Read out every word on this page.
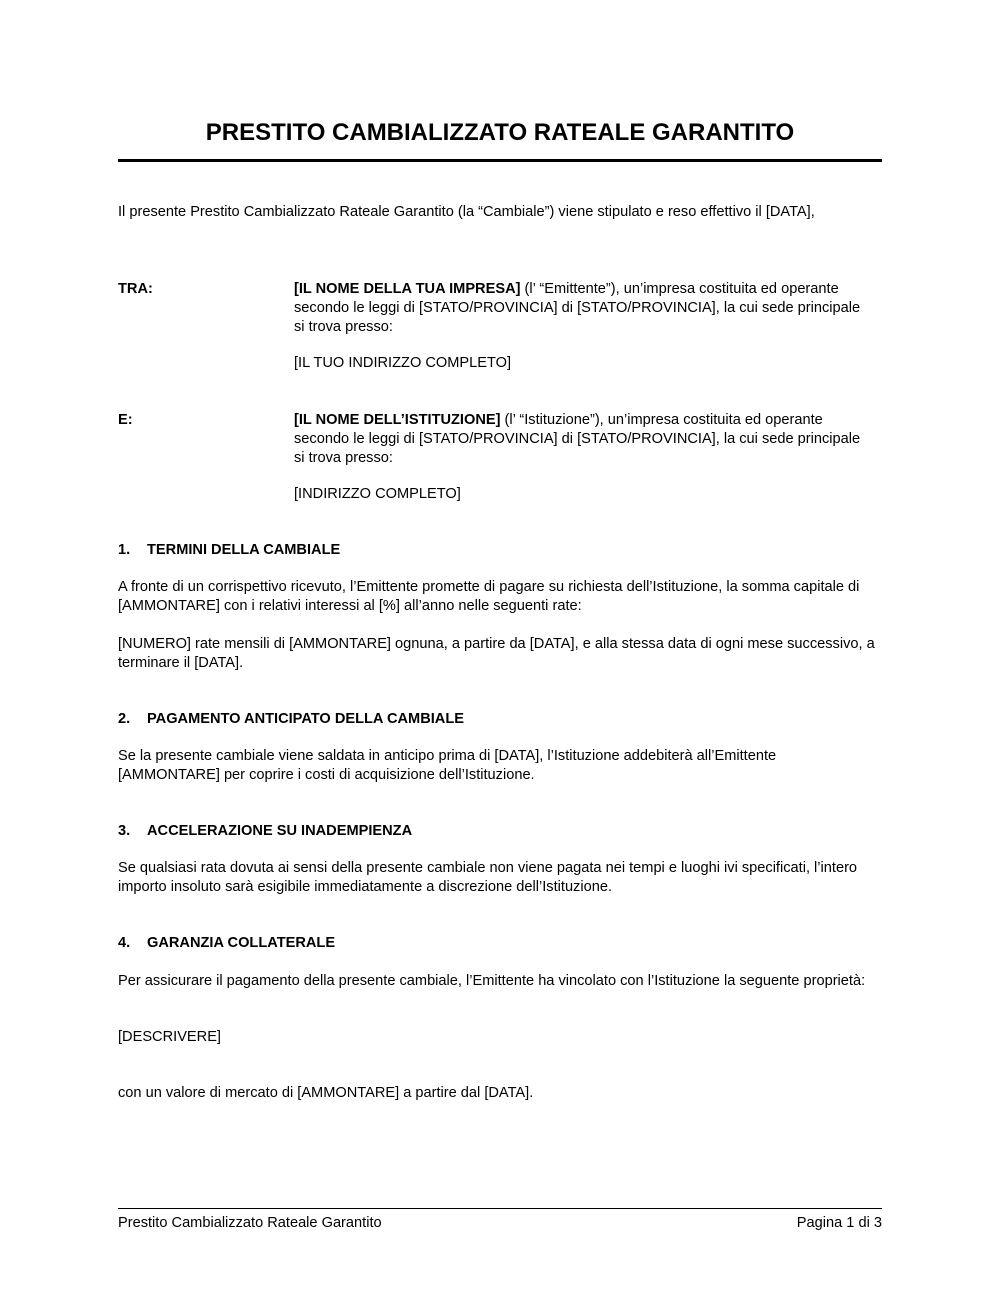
PRESTITO CAMBIALIZZATO RATEALE GARANTITO
Il presente Prestito Cambializzato Rateale Garantito (la “Cambiale”) viene stipulato e reso effettivo il [DATA],
TRA:	[IL NOME DELLA TUA IMPRESA] (l’ “Emittente”), un’impresa costituita ed operante secondo le leggi di [STATO/PROVINCIA] di [STATO/PROVINCIA], la cui sede principale si trova presso:
[IL TUO INDIRIZZO COMPLETO]
E:	[IL NOME DELL’ISTITUZIONE] (l’ “Istituzione”), un’impresa costituita ed operante secondo le leggi di [STATO/PROVINCIA] di [STATO/PROVINCIA], la cui sede principale si trova presso:
[INDIRIZZO COMPLETO]
1. TERMINI DELLA CAMBIALE
A fronte di un corrispettivo ricevuto, l’Emittente promette di pagare su richiesta dell’Istituzione, la somma capitale di [AMMONTARE] con i relativi interessi al [%] all’anno nelle seguenti rate:
[NUMERO] rate mensili di [AMMONTARE] ognuna, a partire da [DATA], e alla stessa data di ogni mese successivo, a terminare il [DATA].
2. PAGAMENTO ANTICIPATO DELLA CAMBIALE
Se la presente cambiale viene saldata in anticipo prima di [DATA], l’Istituzione addebiterà all’Emittente [AMMONTARE] per coprire i costi di acquisizione dell’Istituzione.
3. ACCELERAZIONE SU INADEMPIENZA
Se qualsiasi rata dovuta ai sensi della presente cambiale non viene pagata nei tempi e luoghi ivi specificati, l’intero importo insoluto sarà esigibile immediatamente a discrezione dell’Istituzione.
4. GARANZIA COLLATERALE
Per assicurare il pagamento della presente cambiale, l’Emittente ha vincolato con l’Istituzione la seguente proprietà:
[DESCRIVERE]
con un valore di mercato di [AMMONTARE] a partire dal [DATA].
Prestito Cambializzato Rateale Garantito	Pagina 1 di 3
